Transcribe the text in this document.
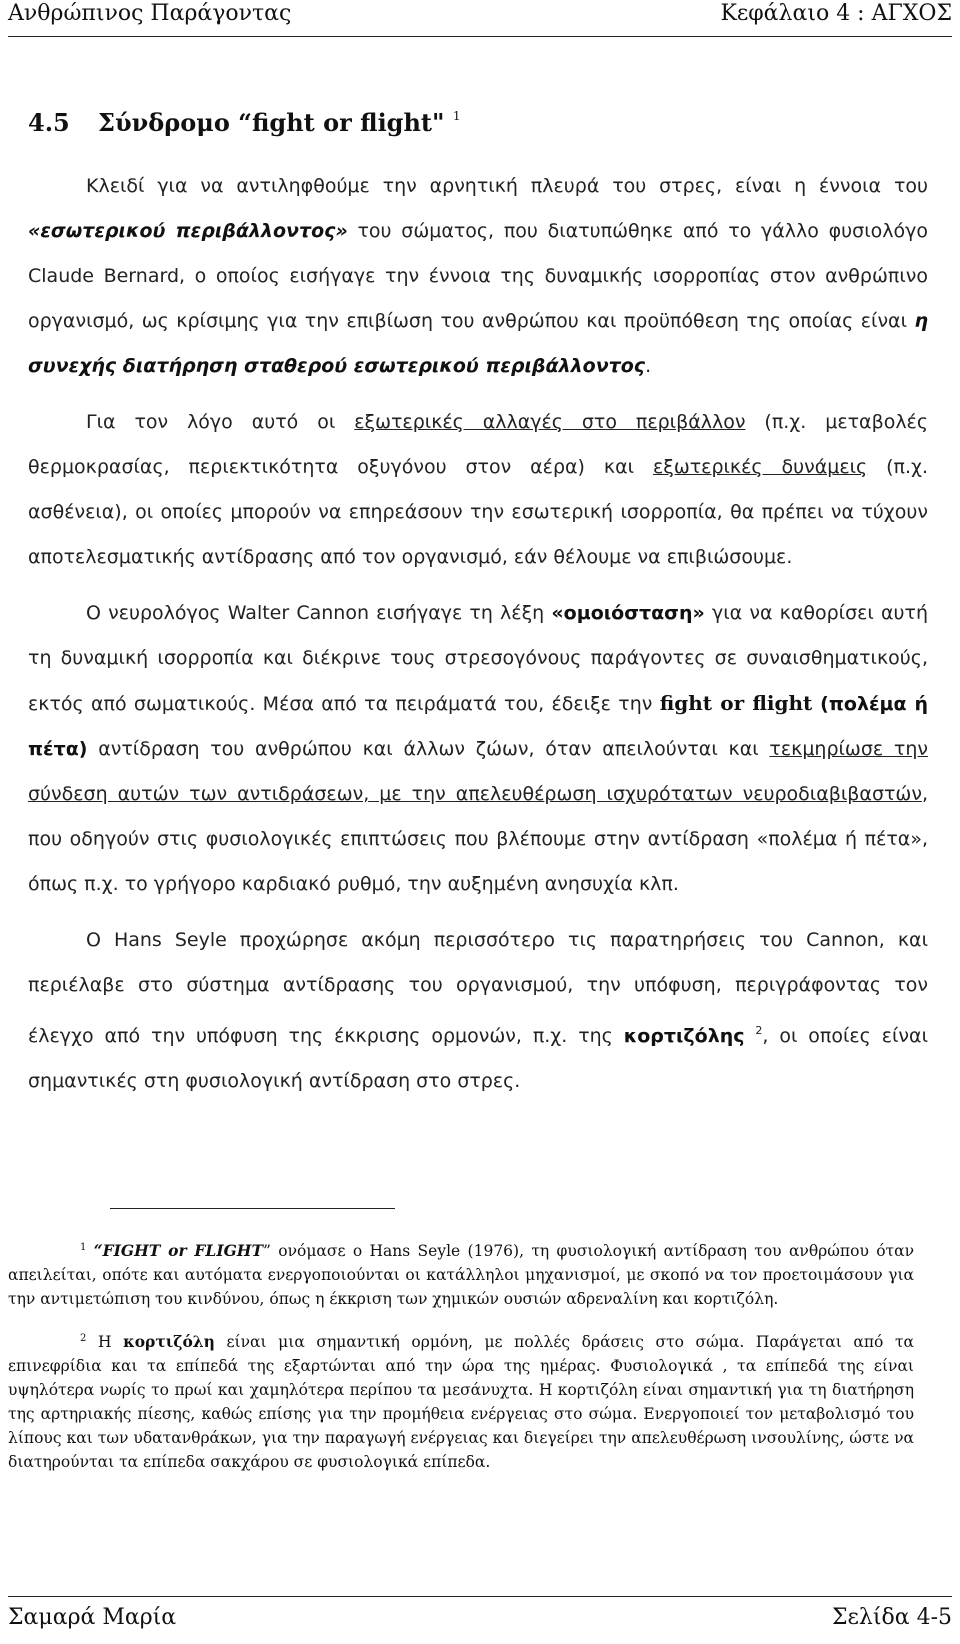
Ανθρώπινος Παράγοντας	Κεφάλαιο 4 : ΑΓΧΟΣ
4.5 Σύνδρομο “fight or flight" $^1$

Κλειδί για να αντιληφθούμε την αρνητική πλευρά του στρες, είναι η έννοια του «εσωτερικού περιβάλλοντος» του σώματος, που διατυπώθηκε από το γάλλο φυσιολόγο Claude Bernard, ο οποίος εισήγαγε την έννοια της δυναμικής ισορροπίας στον ανθρώπινο οργανισμό, ως κρίσιμης για την επιβίωση του ανθρώπου και προϋπόθεση της οποίας είναι η συνεχής διατήρηση σταθερού εσωτερικού περιβάλλοντος.

Για τον λόγο αυτό οι εξωτερικές αλλαγές στο περιβάλλον (π.χ. μεταβολές θερμοκρασίας, περιεκτικότητα οξυγόνου στον αέρα) και εξωτερικές δυνάμεις (π.χ. ασθένεια), οι οποίες μπορούν να επηρεάσουν την εσωτερική ισορροπία, θα πρέπει να τύχουν αποτελεσματικής αντίδρασης από τον οργανισμό, εάν θέλουμε να επιβιώσουμε.

Ο νευρολόγος Walter Cannon εισήγαγε τη λέξη «ομοιόσταση» για να καθορίσει αυτή τη δυναμική ισορροπία και διέκρινε τους στρεσογόνους παράγοντες σε συναισθηματικούς, εκτός από σωματικούς. Μέσα από τα πειράματά του, έδειξε την fight or flight (πολέμα ή πέτα) αντίδραση του ανθρώπου και άλλων ζώων, όταν απειλούνται και τεκμηρίωσε την σύνδεση αυτών των αντιδράσεων, με την απελευθέρωση ισχυρότατων νευροδιαβιβαστών, που οδηγούν στις φυσιολογικές επιπτώσεις που βλέπουμε στην αντίδραση «πολέμα ή πέτα», όπως π.χ. το γρήγορο καρδιακό ρυθμό, την αυξημένη ανησυχία κλπ.

Ο Hans Seyle προχώρησε ακόμη περισσότερο τις παρατηρήσεις του Cannon, και περιέλαβε στο σύστημα αντίδρασης του οργανισμού, την υπόφυση, περιγράφοντας τον έλεγχο από την υπόφυση της έκκρισης ορμονών, π.χ. της κορτιζόλης $^2$, οι οποίες είναι σημαντικές στη φυσιολογική αντίδραση στο στρες.

$^1$ “FIGHT or FLIGHT” ονόμασε ο Hans Seyle (1976), τη φυσιολογική αντίδραση του ανθρώπου όταν απειλείται, οπότε και αυτόματα ενεργοποιούνται οι κατάλληλοι μηχανισμοί, με σκοπό να τον προετοιμάσουν για την αντιμετώπιση του κινδύνου, όπως η έκκριση των χημικών ουσιών αδρεναλίνη και κορτιζόλη.

$^2$ Η κορτιζόλη είναι μια σημαντική ορμόνη, με πολλές δράσεις στο σώμα. Παράγεται από τα επινεφρίδια και τα επίπεδά της εξαρτώνται από την ώρα της ημέρας. Φυσιολογικά , τα επίπεδά της είναι υψηλότερα νωρίς το πρωί και χαμηλότερα περίπου τα μεσάνυχτα. Η κορτιζόλη είναι σημαντική για τη διατήρηση της αρτηριακής πίεσης, καθώς επίσης για την προμήθεια ενέργειας στο σώμα. Ενεργοποιεί τον μεταβολισμό του λίπους και των υδατανθράκων, για την παραγωγή ενέργειας και διεγείρει την απελευθέρωση ινσουλίνης, ώστε να διατηρούνται τα επίπεδα σακχάρου σε φυσιολογικά επίπεδα.

Σαμαρά Μαρία	Σελίδα 4-5
